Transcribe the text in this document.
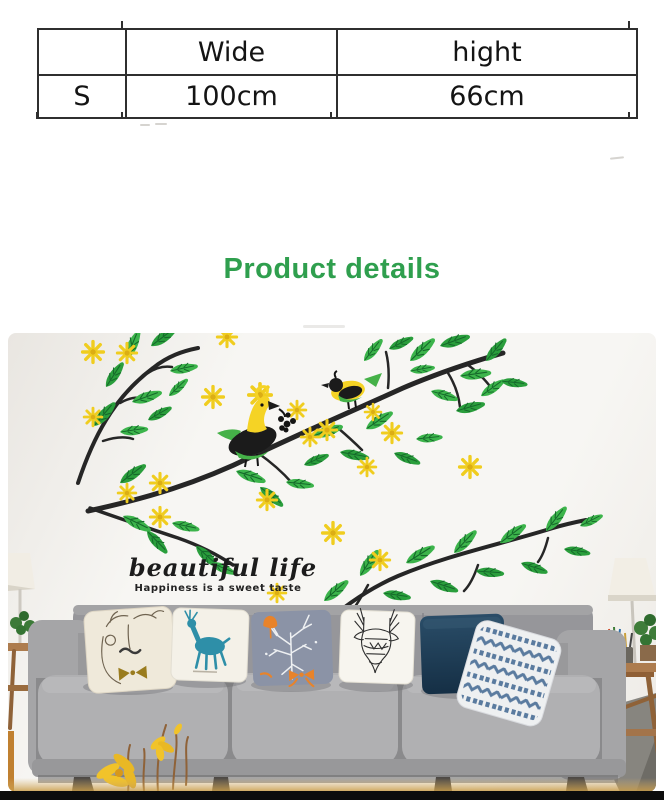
	Wide	hight
S	100cm	66cm
Product details
beautiful life
Happiness is a sweet taste
